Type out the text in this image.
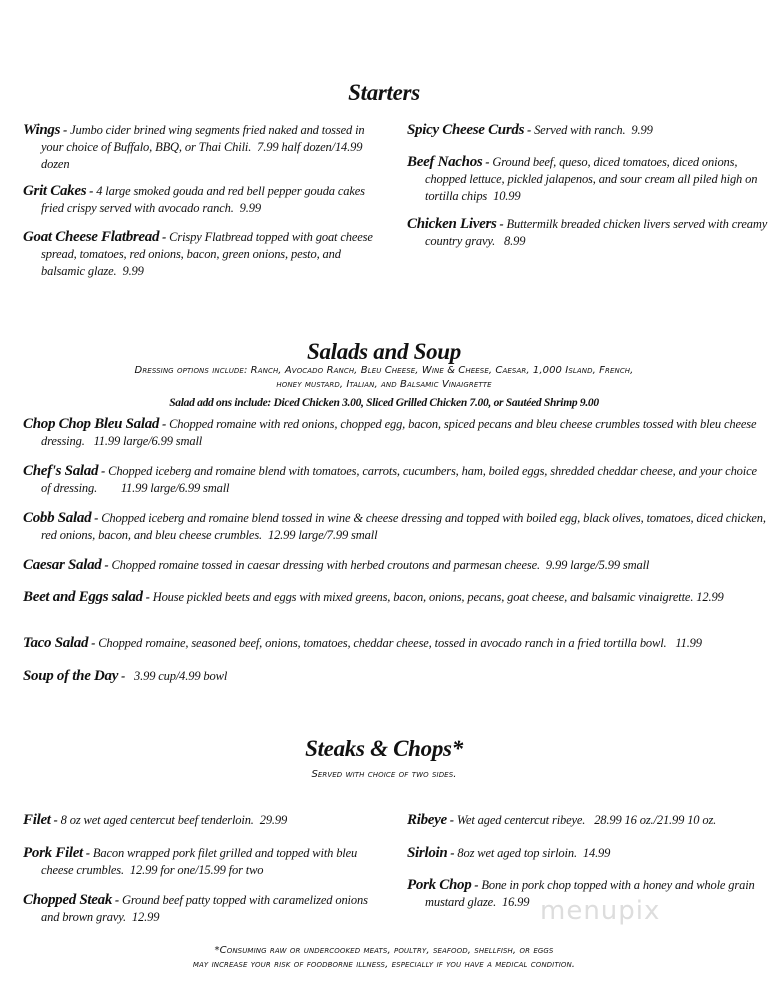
Starters

Wings - Jumbo cider brined wing segments fried naked and tossed in your choice of Buffalo, BBQ, or Thai Chili.  7.99 half dozen/14.99 dozen

Grit Cakes - 4 large smoked gouda and red bell pepper gouda cakes fried crispy served with avocado ranch.  9.99

Goat Cheese Flatbread - Crispy Flatbread topped with goat cheese spread, tomatoes, red onions, bacon, green onions, pesto, and balsamic glaze.  9.99

Spicy Cheese Curds - Served with ranch.  9.99

Beef Nachos - Ground beef, queso, diced tomatoes, diced onions, chopped lettuce, pickled jalapenos, and sour cream all piled high on tortilla chips  10.99

Chicken Livers - Buttermilk breaded chicken livers served with creamy country gravy.   8.99

Salads and Soup
Dressing options include: Ranch, Avocado Ranch, Bleu Cheese, Wine & Cheese, Caesar, 1,000 Island, French,
honey mustard, Italian, and Balsamic Vinaigrette
Salad add ons include: Diced Chicken 3.00, Sliced Grilled Chicken 7.00, or Sautéed Shrimp 9.00

Chop Chop Bleu Salad - Chopped romaine with red onions, chopped egg, bacon, spiced pecans and bleu cheese crumbles tossed with bleu cheese dressing.   11.99 large/6.99 small

Chef's Salad - Chopped iceberg and romaine blend with tomatoes, carrots, cucumbers, ham, boiled eggs, shredded cheddar cheese, and your choice of dressing.        11.99 large/6.99 small

Cobb Salad - Chopped iceberg and romaine blend tossed in wine & cheese dressing and topped with boiled egg, black olives, tomatoes, diced chicken, red onions, bacon, and bleu cheese crumbles.  12.99 large/7.99 small

Caesar Salad - Chopped romaine tossed in caesar dressing with herbed croutons and parmesan cheese.  9.99 large/5.99 small

Beet and Eggs salad - House pickled beets and eggs with mixed greens, bacon, onions, pecans, goat cheese, and balsamic vinaigrette. 12.99

Taco Salad - Chopped romaine, seasoned beef, onions, tomatoes, cheddar cheese, tossed in avocado ranch in a fried tortilla bowl.   11.99

Soup of the Day -   3.99 cup/4.99 bowl

Steaks & Chops*
Served with choice of two sides.

Filet - 8 oz wet aged centercut beef tenderloin.  29.99

Pork Filet - Bacon wrapped pork filet grilled and topped with bleu cheese crumbles.  12.99 for one/15.99 for two

Chopped Steak - Ground beef patty topped with caramelized onions and brown gravy.  12.99

Ribeye - Wet aged centercut ribeye.   28.99 16 oz./21.99 10 oz.

Sirloin - 8oz wet aged top sirloin.  14.99

Pork Chop - Bone in pork chop topped with a honey and whole grain mustard glaze.  16.99 menupix
*Consuming raw or undercooked meats, poultry, seafood, shellfish, or eggs
may increase your risk of foodborne illness, especially if you have a medical condition.
